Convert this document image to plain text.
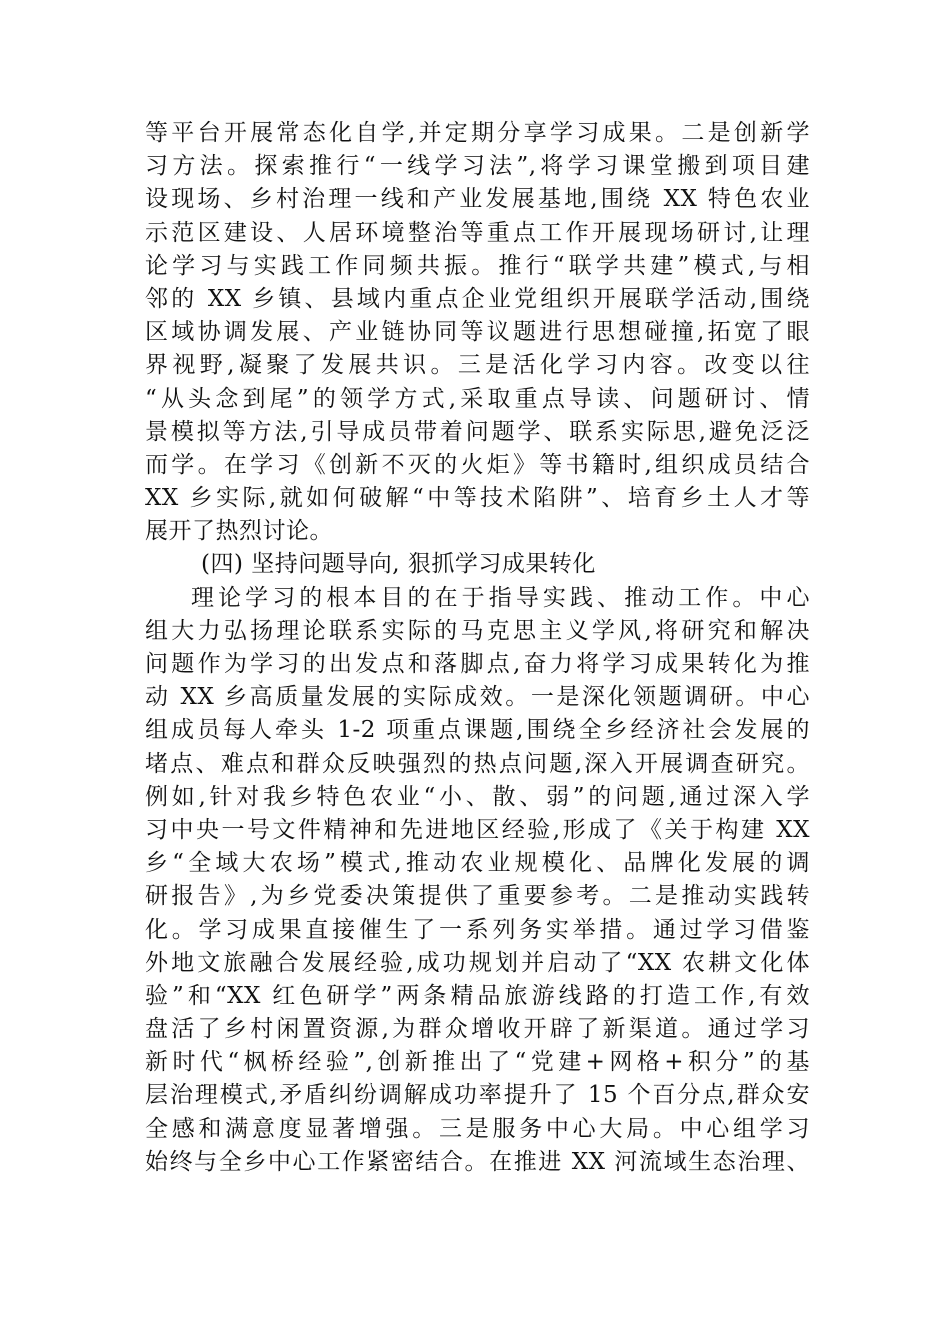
等平台开展常态化自学,并定期分享学习成果。二是创新学
习方法。探索推行“一线学习法”,将学习课堂搬到项目建
设现场、乡村治理一线和产业发展基地,围绕 XX 特色农业
示范区建设、人居环境整治等重点工作开展现场研讨,让理
论学习与实践工作同频共振。推行“联学共建”模式,与相
邻的 XX 乡镇、县域内重点企业党组织开展联学活动,围绕
区域协调发展、产业链协同等议题进行思想碰撞,拓宽了眼
界视野,凝聚了发展共识。三是活化学习内容。改变以往
“从头念到尾”的领学方式,采取重点导读、问题研讨、情
景模拟等方法,引导成员带着问题学、联系实际思,避免泛泛
而学。在学习《创新不灭的火炬》等书籍时,组织成员结合
XX 乡实际,就如何破解“中等技术陷阱”、培育乡土人才等
展开了热烈讨论。
(四) 坚持问题导向, 狠抓学习成果转化
理论学习的根本目的在于指导实践、推动工作。中心
组大力弘扬理论联系实际的马克思主义学风,将研究和解决
问题作为学习的出发点和落脚点,奋力将学习成果转化为推
动 XX 乡高质量发展的实际成效。一是深化领题调研。中心
组成员每人牵头 1-2 项重点课题,围绕全乡经济社会发展的
堵点、难点和群众反映强烈的热点问题,深入开展调查研究。
例如,针对我乡特色农业“小、散、弱”的问题,通过深入学
习中央一号文件精神和先进地区经验,形成了《关于构建 XX
乡“全域大农场”模式,推动农业规模化、品牌化发展的调
研报告》,为乡党委决策提供了重要参考。二是推动实践转
化。学习成果直接催生了一系列务实举措。通过学习借鉴
外地文旅融合发展经验,成功规划并启动了“XX 农耕文化体
验”和“XX 红色研学”两条精品旅游线路的打造工作,有效
盘活了乡村闲置资源,为群众增收开辟了新渠道。通过学习
新时代“枫桥经验”,创新推出了“党建+网格+积分”的基
层治理模式,矛盾纠纷调解成功率提升了 15 个百分点,群众安
全感和满意度显著增强。三是服务中心大局。中心组学习
始终与全乡中心工作紧密结合。在推进 XX 河流域生态治理、
